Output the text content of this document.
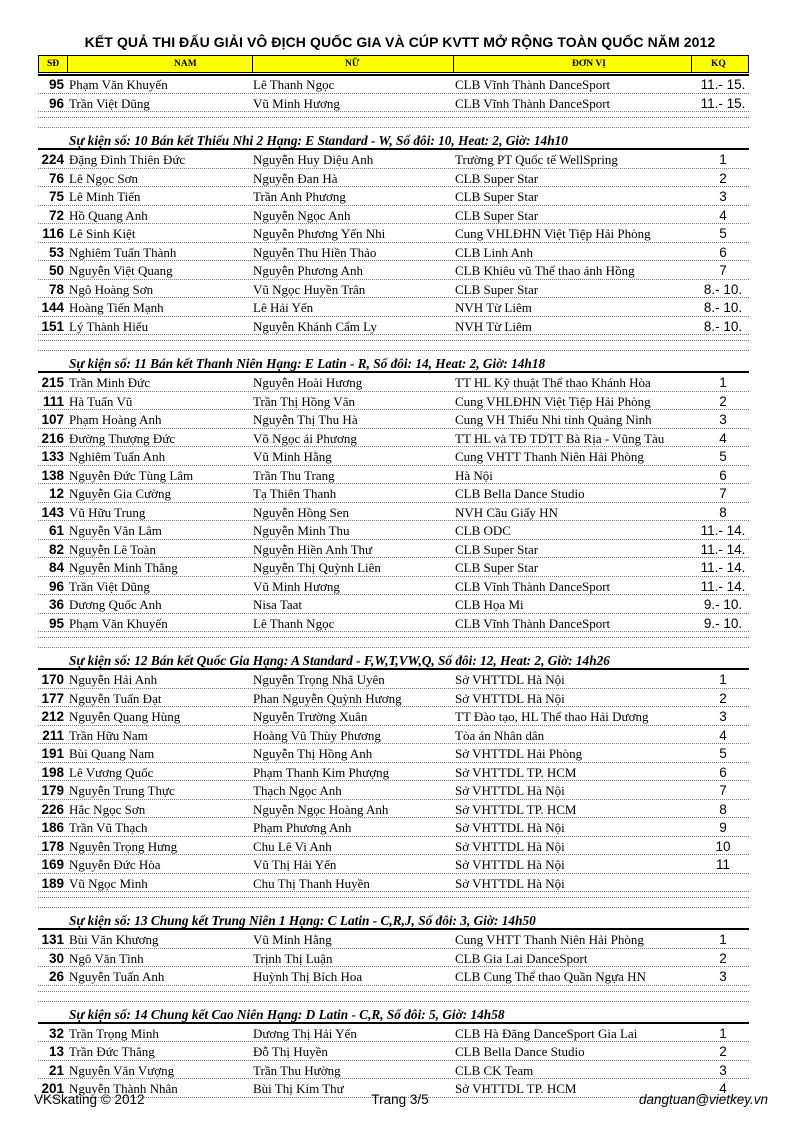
KẾT QUẢ THI ĐẤU GIẢI VÔ ĐỊCH QUỐC GIA VÀ CÚP KVTT MỞ RỘNG TOÀN QUỐC NĂM 2012
SĐ	NAM	NỮ	ĐƠN VỊ	KQ
95 Phạm Văn Khuyến	Lê Thanh Ngọc	CLB Vĩnh Thành DanceSport	11.- 15.
96 Trần Việt Dũng	Vũ Minh Hương	CLB Vĩnh Thành DanceSport	11.- 15.
Sự kiện số: 10 Bán kết Thiếu Nhi 2 Hạng: E Standard - W, Số đôi: 10, Heat: 2, Giờ: 14h10
224 Đặng Đình Thiên Đức	Nguyễn Huy Diệu Anh	Trường PT Quốc tế WellSpring	1
76 Lê Ngọc Sơn	Nguyễn Đan Hà	CLB Super Star	2
75 Lê Minh Tiến	Trần Anh Phương	CLB Super Star	3
72 Hồ Quang Anh	Nguyễn Ngọc Anh	CLB Super Star	4
116 Lê Sinh Kiệt	Nguyễn Phương Yến Nhi	Cung VHLĐHN Việt Tiệp Hải Phòng	5
53 Nghiêm Tuấn Thành	Nguyễn Thu Hiền Thảo	CLB Linh Anh	6
50 Nguyễn Việt Quang	Nguyễn Phương Anh	CLB Khiêu vũ Thể thao ánh Hồng	7
78 Ngô Hoàng Sơn	Vũ Ngọc Huyền Trân	CLB Super Star	8.- 10.
144 Hoàng Tiến Mạnh	Lê Hải Yến	NVH Từ Liêm	8.- 10.
151 Lý Thành Hiếu	Nguyễn Khánh Cẩm Ly	NVH Từ Liêm	8.- 10.
Sự kiện số: 11 Bán kết Thanh Niên Hạng: E Latin - R, Số đôi: 14, Heat: 2, Giờ: 14h18
215 Trần Minh Đức	Nguyễn Hoài Hương	TT HL Kỹ thuật Thể thao Khánh Hòa	1
111 Hà Tuấn Vũ	Trần Thị Hồng Vân	Cung VHLĐHN Việt Tiệp Hải Phòng	2
107 Phạm Hoàng Anh	Nguyễn Thị Thu Hà	Cung VH Thiếu Nhi tỉnh Quảng Ninh	3
216 Đường Thượng Đức	Võ Ngọc ái Phương	TT HL và TĐ TDTT Bà Rịa - Vũng Tàu	4
133 Nghiêm Tuấn Anh	Vũ Minh Hằng	Cung VHTT Thanh Niên Hải Phòng	5
138 Nguyễn Đức Tùng Lâm	Trần Thu Trang	Hà Nội	6
12 Nguyễn Gia Cường	Tạ Thiên Thanh	CLB Bella Dance Studio	7
143 Vũ Hữu Trung	Nguyễn Hồng Sen	NVH Cầu Giấy HN	8
61 Nguyễn Văn Lâm	Nguyễn Minh Thu	CLB ODC	11.- 14.
82 Nguyễn Lê Toàn	Nguyễn Hiền Anh Thư	CLB Super Star	11.- 14.
84 Nguyễn Minh Thắng	Nguyễn Thị Quỳnh Liên	CLB Super Star	11.- 14.
96 Trần Việt Dũng	Vũ Minh Hương	CLB Vĩnh Thành DanceSport	11.- 14.
36 Dương Quốc Anh	Nisa Taat	CLB Họa Mi	9.- 10.
95 Phạm Văn Khuyến	Lê Thanh Ngọc	CLB Vĩnh Thành DanceSport	9.- 10.
Sự kiện số: 12 Bán kết Quốc Gia Hạng: A Standard - F,W,T,VW,Q, Số đôi: 12, Heat: 2, Giờ: 14h26
170 Nguyễn Hải Anh	Nguyễn Trọng Nhã Uyên	Sở VHTTDL Hà Nội	1
177 Nguyễn Tuấn Đạt	Phan Nguyễn Quỳnh Hương	Sở VHTTDL Hà Nội	2
212 Nguyễn Quang Hùng	Nguyễn Trường Xuân	TT Đào tạo, HL Thể thao Hải Dương	3
211 Trần Hữu Nam	Hoàng Vũ Thùy Phương	Tòa án Nhân dân	4
191 Bùi Quang Nam	Nguyễn Thị Hồng Anh	Sở VHTTDL Hải Phòng	5
198 Lê Vương Quốc	Phạm Thanh Kim Phượng	Sở VHTTDL TP. HCM	6
179 Nguyễn Trung Thực	Thạch Ngọc Anh	Sở VHTTDL Hà Nội	7
226 Hắc Ngọc Sơn	Nguyễn Ngọc Hoàng Anh	Sở VHTTDL TP. HCM	8
186 Trần Vũ Thạch	Phạm Phương Anh	Sở VHTTDL Hà Nội	9
178 Nguyễn Trọng Hưng	Chu Lê Vi Anh	Sở VHTTDL Hà Nội	10
169 Nguyễn Đức Hòa	Vũ Thị Hải Yến	Sở VHTTDL Hà Nội	11
189 Vũ Ngọc Minh	Chu Thị Thanh Huyền	Sở VHTTDL Hà Nội
Sự kiện số: 13 Chung kết Trung Niên 1 Hạng: C Latin - C,R,J, Số đôi: 3, Giờ: 14h50
131 Bùi Văn Khương	Vũ Minh Hằng	Cung VHTT Thanh Niên Hải Phòng	1
30 Ngô Văn Tình	Trịnh Thị Luận	CLB Gia Lai DanceSport	2
26 Nguyễn Tuấn Anh	Huỳnh Thị Bích Hoa	CLB Cung Thể thao Quần Ngựa HN	3
Sự kiện số: 14 Chung kết Cao Niên Hạng: D Latin - C,R, Số đôi: 5, Giờ: 14h58
32 Trần Trọng Minh	Dương Thị Hải Yến	CLB Hà Đăng DanceSport Gia Lai	1
13 Trần Đức Thắng	Đỗ Thị Huyền	CLB Bella Dance Studio	2
21 Nguyễn Văn Vượng	Trần Thu Hường	CLB CK Team	3
201 Nguyễn Thành Nhân	Bùi Thị Kim Thư	Sở VHTTDL TP. HCM	4
VKSkating © 2012	Trang 3/5	dangtuan@vietkey.vn
